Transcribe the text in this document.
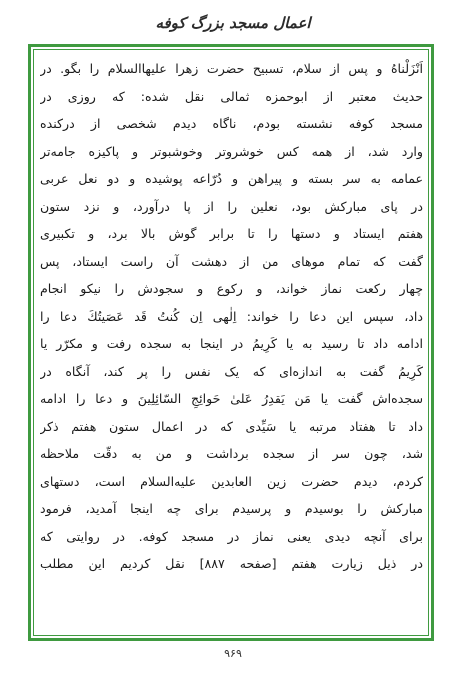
اعمال مسجد بزرگ کوفه
اَنْزَلْناهُ و پس از سلام، تسبیح حضرت زهرا عليهاالسلام را بگو. در
حديث معتبر از ابوحمزه ثمالی نقل شده: كه روزی در
مسجد كوفه نشسته بودم، ناگاه ديدم شخصی از دركنده
وارد شد، از همه كس خوشروتر وخوشبوتر و پاكيزه جامه‌تر
عمامه به سر بسته و پيراهن و دُرّاعه پوشيده و دو نعل عربی
در پای مبارکش بود، نعلين را از پا درآورد، و نزد ستون
هفتم ايستاد و دستها را تا برابر گوش بالا برد، و تكبيری
گفت كه تمام موهای من از دهشت آن راست ايستاد، پس
چهار رکعت نماز خواند، و رکوع و سجودش را نيكو انجام
داد، سپس اين دعا را خواند: اِلٰهى اِن كُنتُ قَد عَصَيتُكَ دعا را
ادامه داد تا رسيد به يا كَرِيمُ در اينجا به سجده رفت و مكرّر يا
كَرِيمُ گفت به اندازه‌ای که يک نفس را پر کند، آنگاه در
سجده‌اش گفت يا مَن يَقدِرُ عَلىٰ حَوائِجِ السّائِلِينَ و دعا را ادامه
داد تا هفتاد مرتبه يا سَيِّدى كه در اعمال ستون هفتم ذكر
شد، چون سر از سجده برداشت و من به دقّت ملاحظه
كردم، ديدم حضرت زين العابدين عليه‌السلام است، دستهای
مباركش را بوسيدم و پرسيدم برای چه اينجا آمديد، فرمود
برای آنچه ديدی يعنی نماز در مسجد كوفه. در روايتی كه
در ذيل زيارت هفتم [صفحه ۸۸۷] نقل كرديم اين مطلب
۹۶۹
